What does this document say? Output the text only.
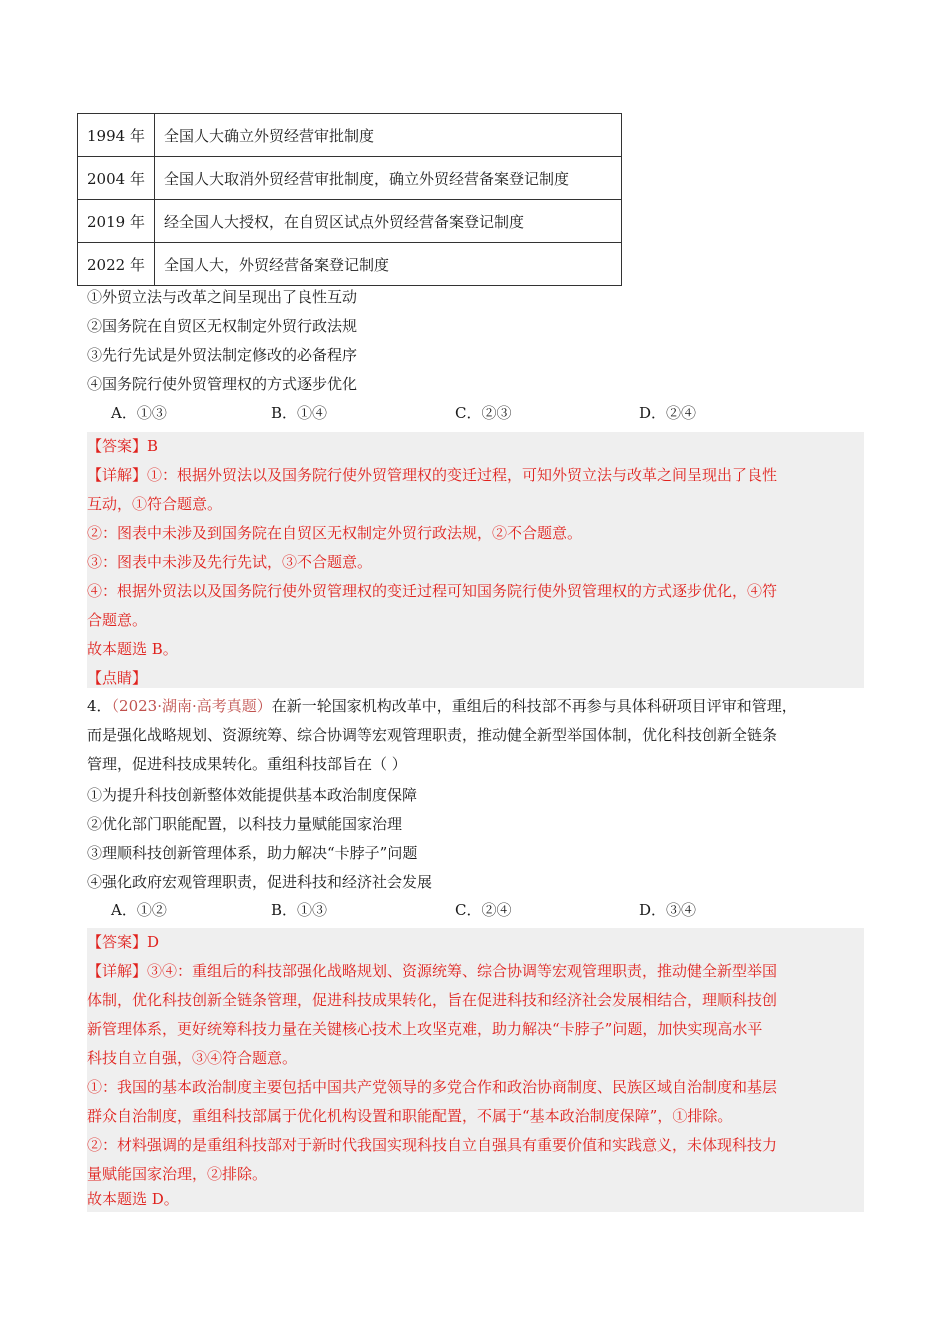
1994 年	全国人大确立外贸经营审批制度
2004 年	全国人大取消外贸经营审批制度，确立外贸经营备案登记制度
2019 年	经全国人大授权，在自贸区试点外贸经营备案登记制度
2022 年	全国人大，外贸经营备案登记制度
①外贸立法与改革之间呈现出了良性互动
②国务院在自贸区无权制定外贸行政法规
③先行先试是外贸法制定修改的必备程序
④国务院行使外贸管理权的方式逐步优化
A．①③	B．①④	C．②③	D．②④
【答案】B
【详解】①：根据外贸法以及国务院行使外贸管理权的变迁过程，可知外贸立法与改革之间呈现出了良性
互动，①符合题意。
②：图表中未涉及到国务院在自贸区无权制定外贸行政法规，②不合题意。
③：图表中未涉及先行先试，③不合题意。
④：根据外贸法以及国务院行使外贸管理权的变迁过程可知国务院行使外贸管理权的方式逐步优化，④符
合题意。
故本题选 B。
【点睛】
4．（2023·湖南·高考真题）在新一轮国家机构改革中，重组后的科技部不再参与具体科研项目评审和管理，
而是强化战略规划、资源统筹、综合协调等宏观管理职责，推动健全新型举国体制，优化科技创新全链条
管理，促进科技成果转化。重组科技部旨在（ ）
①为提升科技创新整体效能提供基本政治制度保障
②优化部门职能配置，以科技力量赋能国家治理
③理顺科技创新管理体系，助力解决“卡脖子”问题
④强化政府宏观管理职责，促进科技和经济社会发展
A．①②	B．①③	C．②④	D．③④
【答案】D
【详解】③④：重组后的科技部强化战略规划、资源统筹、综合协调等宏观管理职责，推动健全新型举国
体制，优化科技创新全链条管理，促进科技成果转化，旨在促进科技和经济社会发展相结合，理顺科技创
新管理体系，更好统筹科技力量在关键核心技术上攻坚克难，助力解决“卡脖子”问题，加快实现高水平
科技自立自强，③④符合题意。
①：我国的基本政治制度主要包括中国共产党领导的多党合作和政治协商制度、民族区域自治制度和基层
群众自治制度，重组科技部属于优化机构设置和职能配置，不属于“基本政治制度保障”，①排除。
②：材料强调的是重组科技部对于新时代我国实现科技自立自强具有重要价值和实践意义，未体现科技力
量赋能国家治理，②排除。
故本题选 D。
